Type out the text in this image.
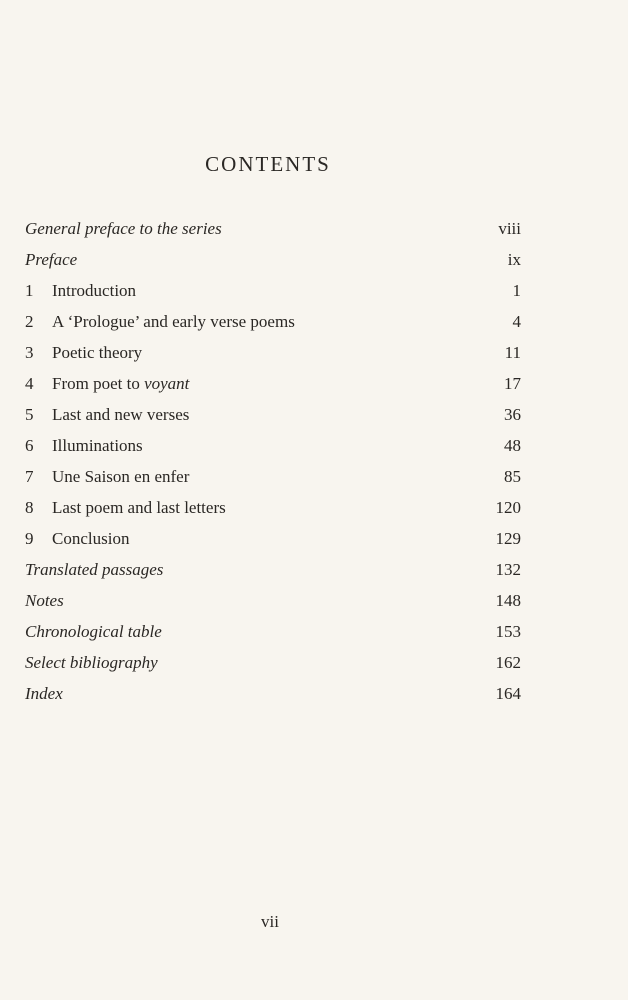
CONTENTS
General preface to the series	viii
Preface	ix
1	Introduction	1
2	A ‘Prologue’ and early verse poems	4
3	Poetic theory	11
4	From poet to voyant	17
5	Last and new verses	36
6	Illuminations	48
7	Une Saison en enfer	85
8	Last poem and last letters	120
9	Conclusion	129
Translated passages	132
Notes	148
Chronological table	153
Select bibliography	162
Index	164
vii
